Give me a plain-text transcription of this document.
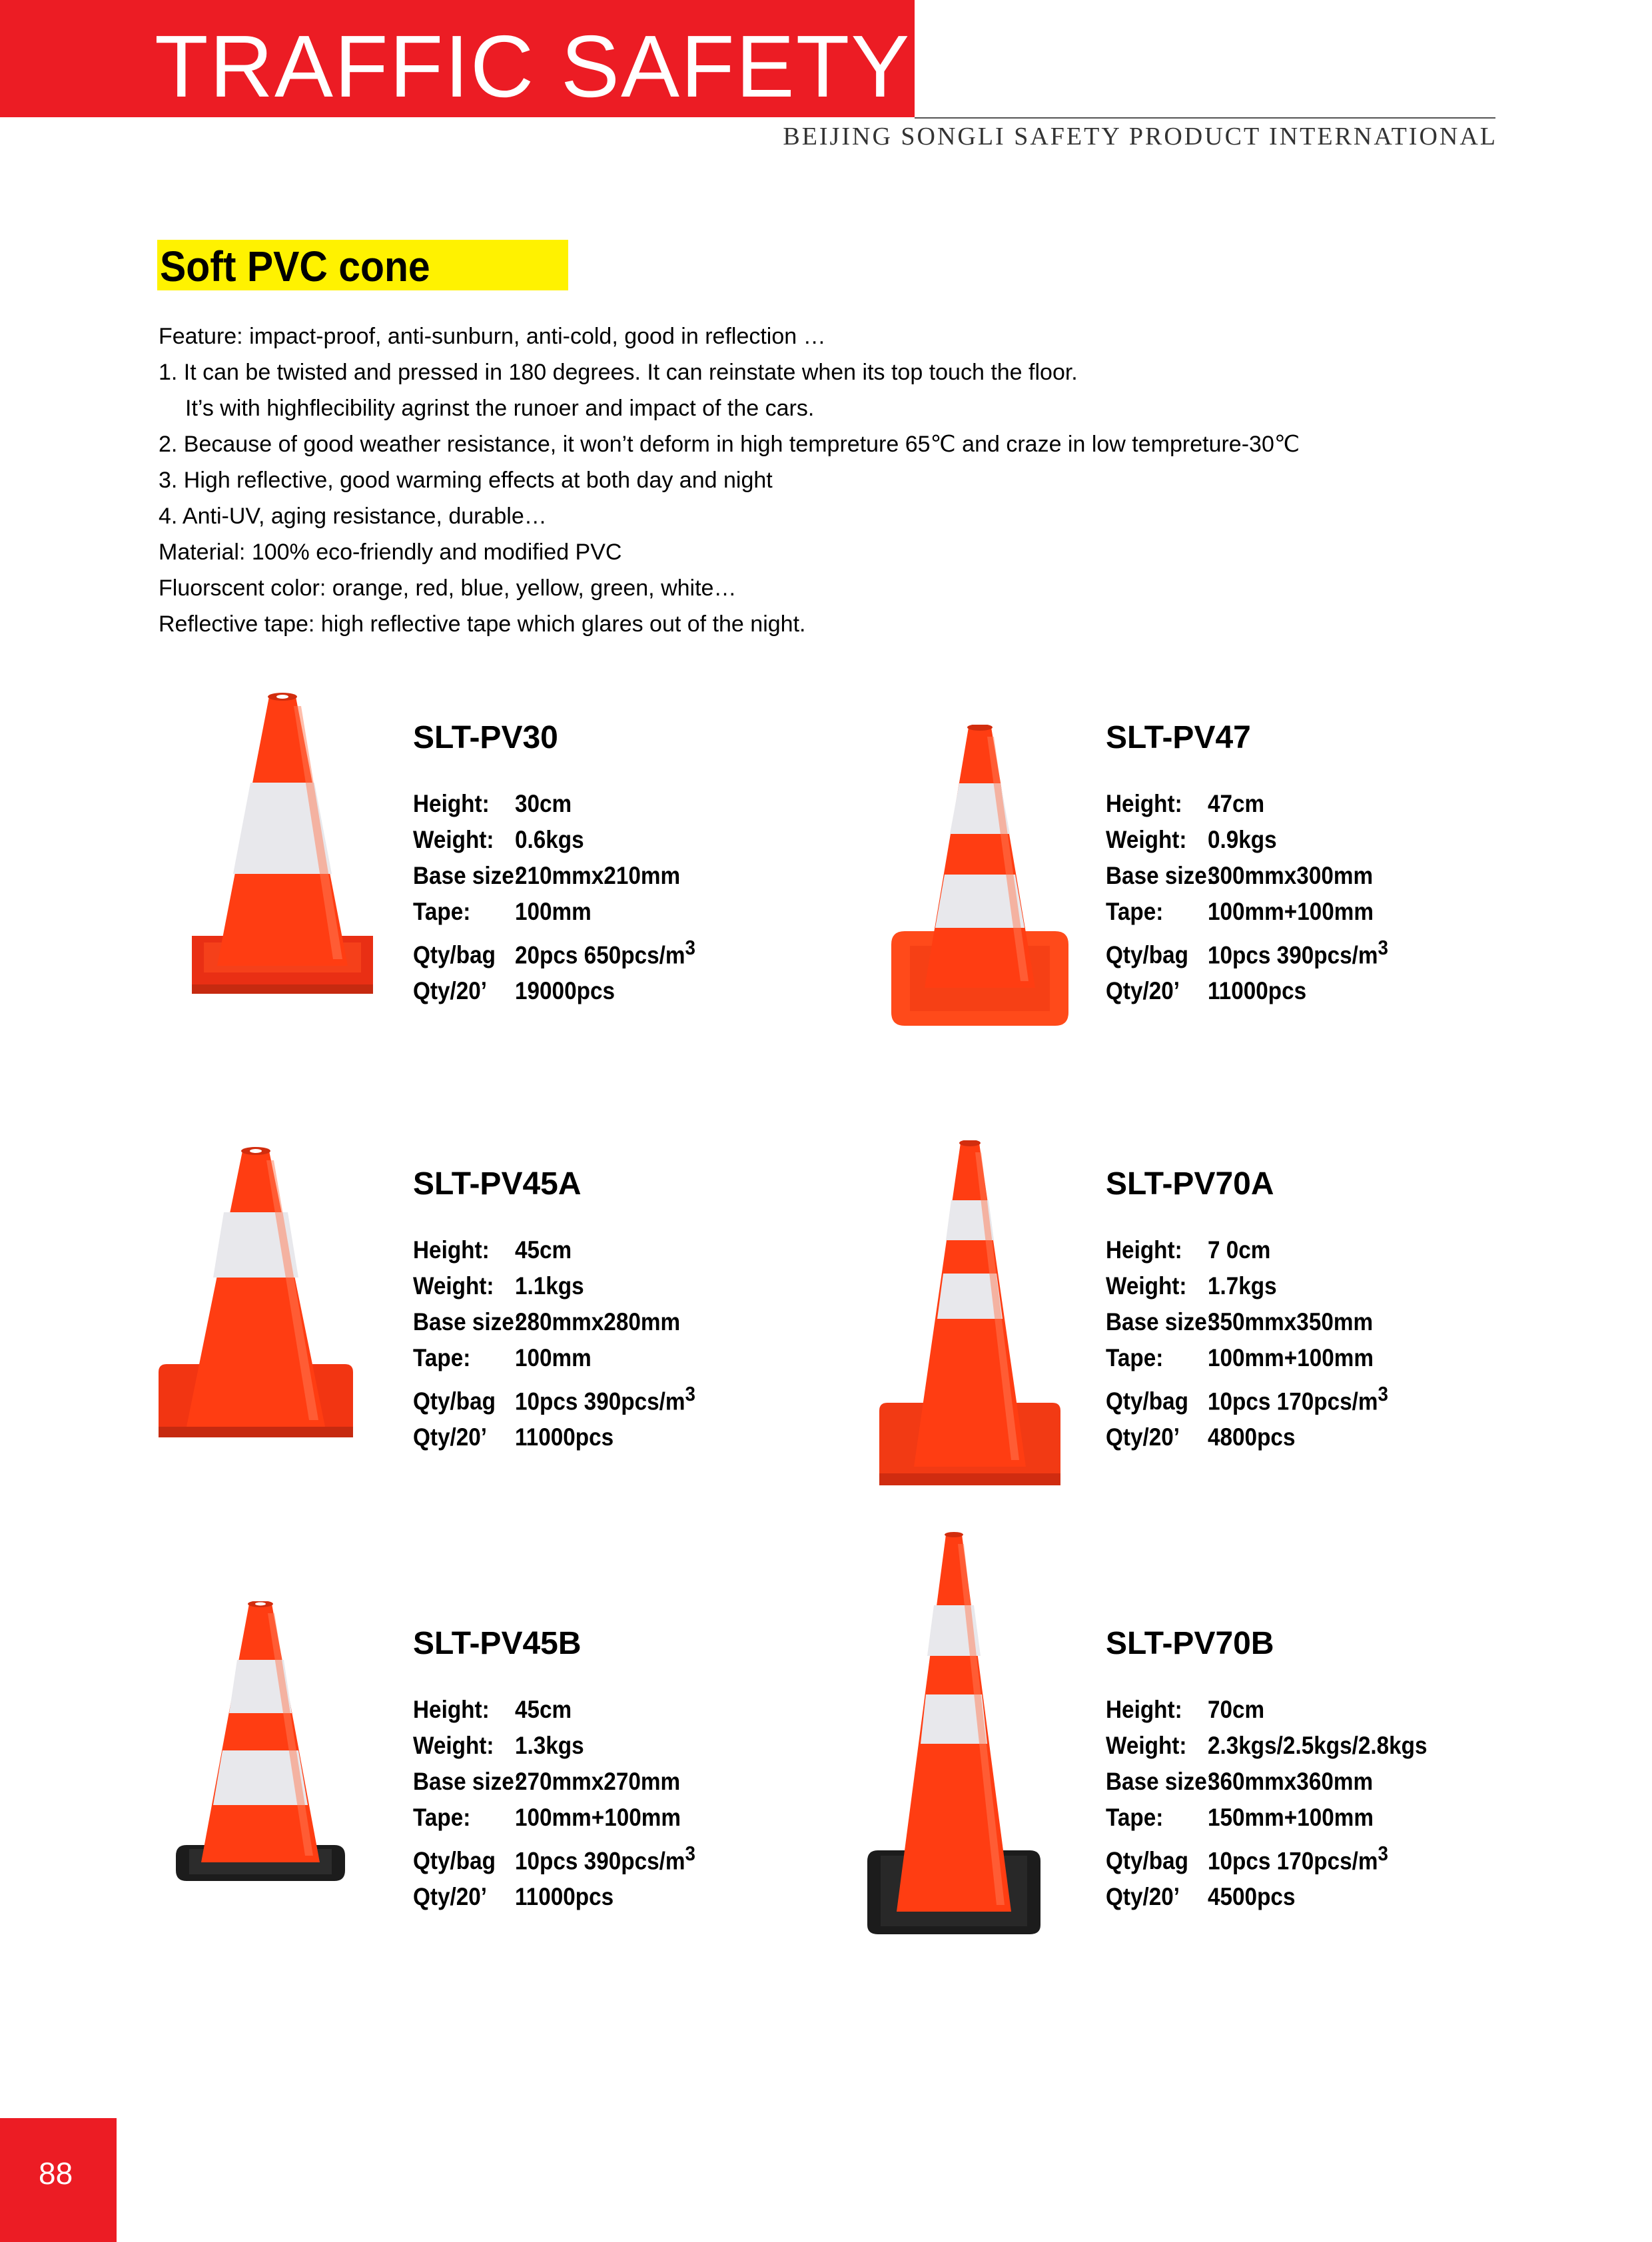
TRAFFIC SAFETY
BEIJING SONGLI SAFETY PRODUCT INTERNATIONAL
Soft PVC cone
Feature: impact-proof, anti-sunburn, anti-cold, good in reflection …
1. It can be twisted and pressed in 180 degrees. It can reinstate when its top touch the floor.
It’s with highflecibility agrinst the runoer and impact of the cars.
2. Because of good weather resistance, it won’t deform in high tempreture 65℃ and craze in low tempreture-30℃
3. High reflective, good warming effects at both day and night
4. Anti-UV, aging resistance, durable…
Material: 100% eco-friendly and modified PVC
Fluorscent color: orange, red, blue, yellow, green, white…
Reflective tape: high reflective tape which glares out of the night.
SLT-PV30
Height: 30cm
Weight: 0.6kgs
Base size:210mmx210mm
Tape: 100mm
Qty/bag 20pcs $650pcs/m^3$
Qty/20’ 19000pcs
SLT-PV47
Height: 47cm
Weight: 0.9kgs
Base size:300mmx300mm
Tape: 100mm+100mm
Qty/bag 10pcs $390pcs/m^3$
Qty/20’ 11000pcs
SLT-PV45A
Height: 45cm
Weight: 1.1kgs
Base size:280mmx280mm
Tape: 100mm
Qty/bag 10pcs $390pcs/m^3$
Qty/20’ 11000pcs
SLT-PV70A
Height: 7 0cm
Weight: 1.7kgs
Base size:350mmx350mm
Tape: 100mm+100mm
Qty/bag 10pcs $170pcs/m^3$
Qty/20’ 4800pcs
SLT-PV45B
Height: 45cm
Weight: 1.3kgs
Base size:270mmx270mm
Tape: 100mm+100mm
Qty/bag 10pcs $390pcs/m^3$
Qty/20’ 11000pcs
SLT-PV70B
Height: 70cm
Weight: 2.3kgs/2.5kgs/2.8kgs
Base size:360mmx360mm
Tape: 150mm+100mm
Qty/bag 10pcs $170pcs/m^3$
Qty/20’ 4500pcs
88
